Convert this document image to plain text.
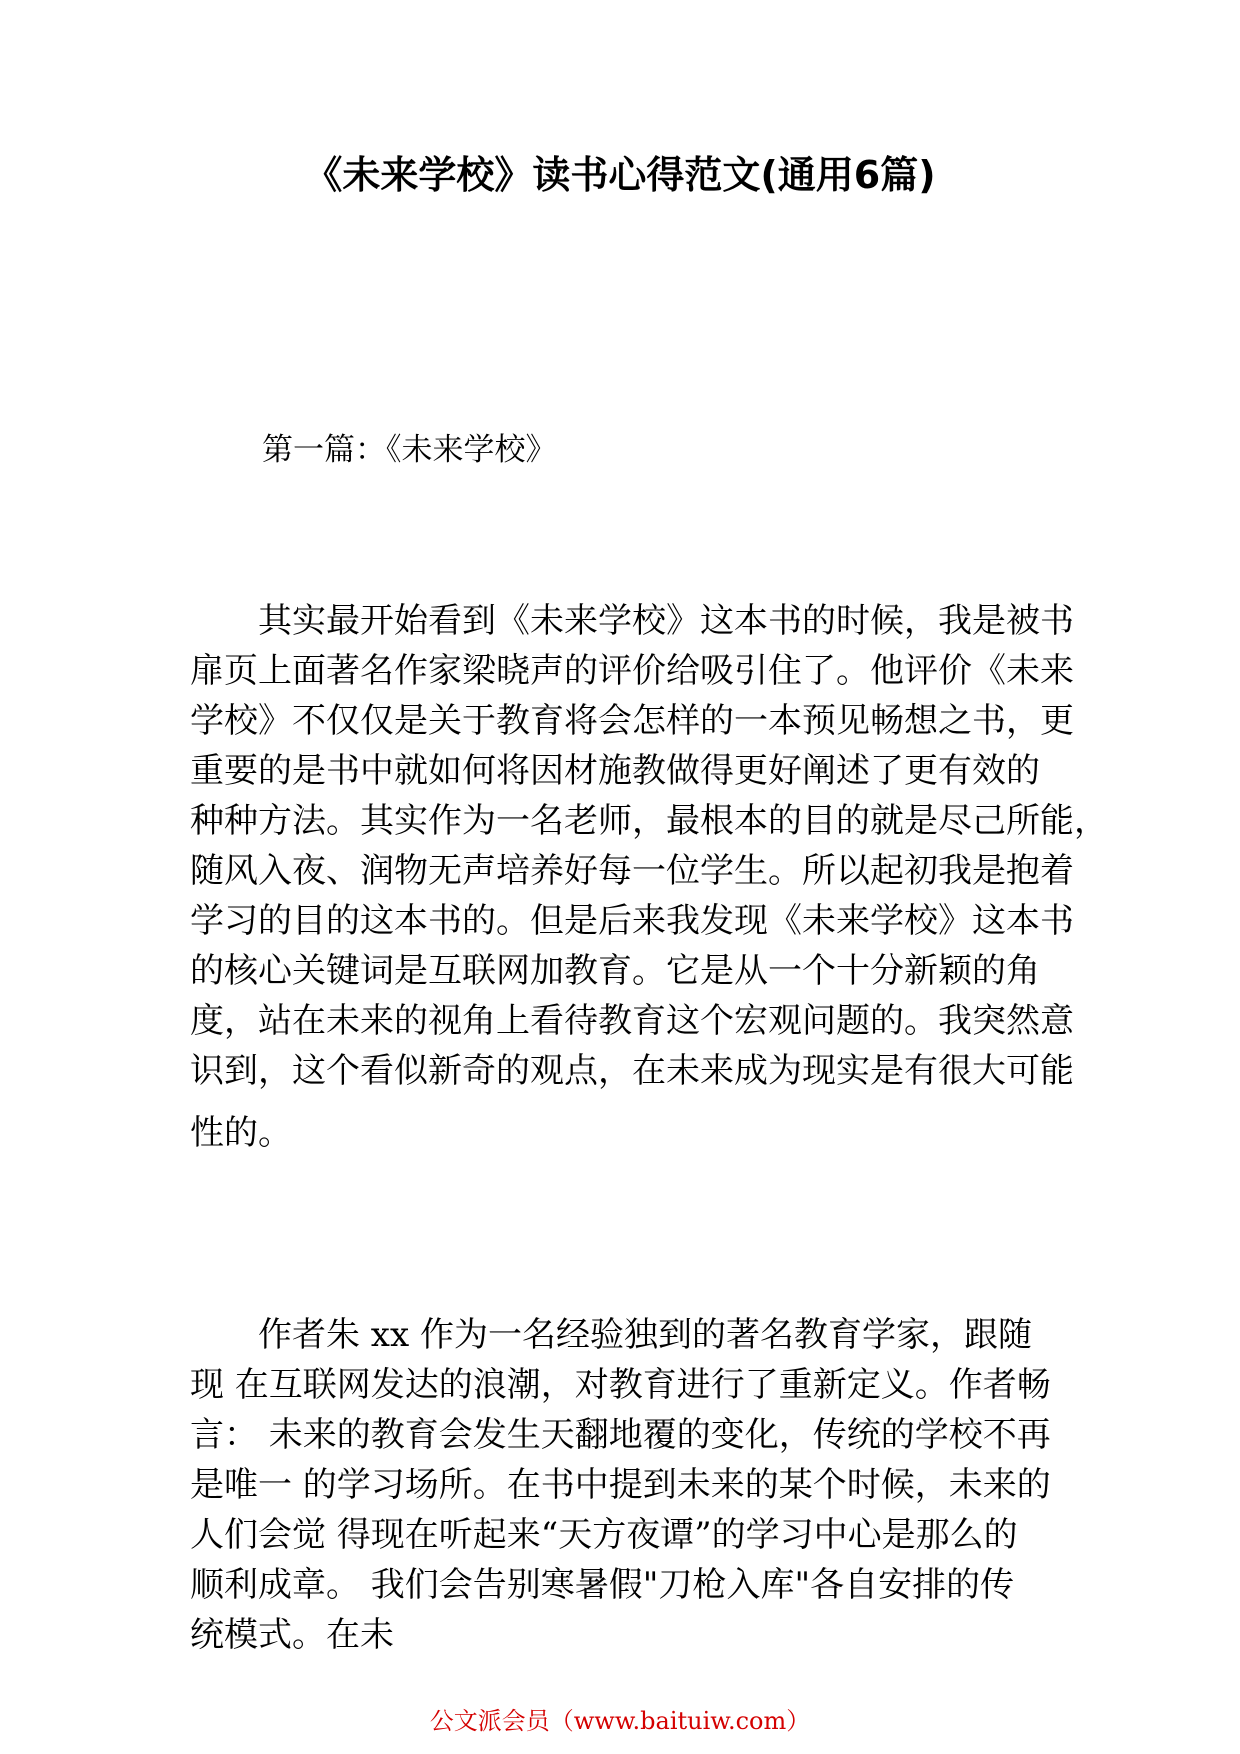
《未来学校》读书心得范文(通用6篇)

第一篇：《未来学校》

　　其实最开始看到《未来学校》这本书的时候，我是被书
扉页上面著名作家梁晓声的评价给吸引住了。他评价《未来
学校》不仅仅是关于教育将会怎样的一本预见畅想之书，更
重要的是书中就如何将因材施教做得更好阐述了更有效的
种种方法。其实作为一名老师，最根本的目的就是尽己所能，
随风入夜、润物无声培养好每一位学生。所以起初我是抱着
学习的目的这本书的。但是后来我发现《未来学校》这本书
的核心关键词是互联网加教育。它是从一个十分新颖的角
度，站在未来的视角上看待教育这个宏观问题的。我突然意
识到，这个看似新奇的观点，在未来成为现实是有很大可能

性的。

　　作者朱 xx 作为一名经验独到的著名教育学家，跟随
现 在互联网发达的浪潮，对教育进行了重新定义。作者畅
言： 未来的教育会发生天翻地覆的变化，传统的学校不再
是唯一 的学习场所。在书中提到未来的某个时候，未来的
人们会觉 得现在听起来“天方夜谭”的学习中心是那么的
顺利成章。 我们会告别寒暑假"刀枪入库"各自安排的传
统模式。在未

公文派会员（www.baituiw.com）
